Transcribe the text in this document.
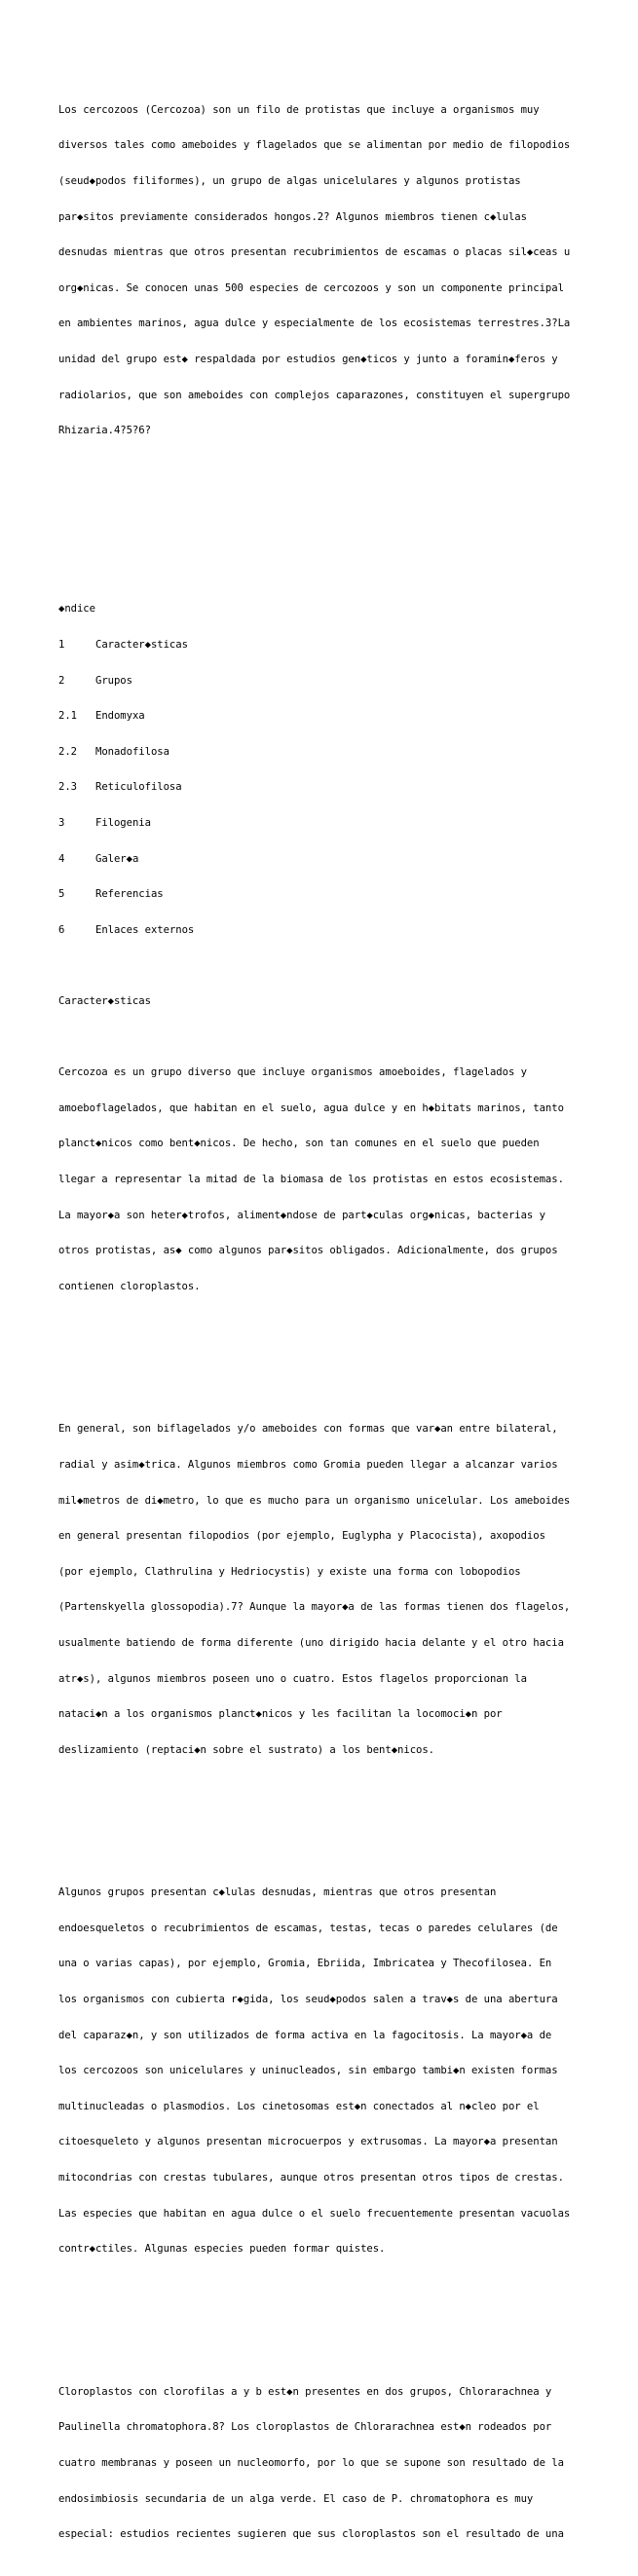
Los cercozoos (Cercozoa) son un filo de protistas que incluye a organismos muy

diversos tales como ameboides y flagelados que se alimentan por medio de filopodios

(seud◆podos filiformes), un grupo de algas unicelulares y algunos protistas

par◆sitos previamente considerados hongos.2? Algunos miembros tienen c◆lulas

desnudas mientras que otros presentan recubrimientos de escamas o placas sil◆ceas u

org◆nicas. Se conocen unas 500 especies de cercozoos y son un componente principal

en ambientes marinos, agua dulce y especialmente de los ecosistemas terrestres.3?La

unidad del grupo est◆ respaldada por estudios gen◆ticos y junto a foramin◆feros y

radiolarios, que son ameboides con complejos caparazones, constituyen el supergrupo

Rhizaria.4?5?6?

◆ndice

1	Caracter◆sticas

2	Grupos

2.1	Endomyxa

2.2	Monadofilosa

2.3	Reticulofilosa

3	Filogenia

4	Galer◆a

5	Referencias

6	Enlaces externos

Caracter◆sticas

Cercozoa es un grupo diverso que incluye organismos amoeboides, flagelados y

amoeboflagelados, que habitan en el suelo, agua dulce y en h◆bitats marinos, tanto

planct◆nicos como bent◆nicos. De hecho, son tan comunes en el suelo que pueden

llegar a representar la mitad de la biomasa de los protistas en estos ecosistemas.

La mayor◆a son heter◆trofos, aliment◆ndose de part◆culas org◆nicas, bacterias y

otros protistas, as◆ como algunos par◆sitos obligados. Adicionalmente, dos grupos

contienen cloroplastos.

En general, son biflagelados y/o ameboides con formas que var◆an entre bilateral,

radial y asim◆trica. Algunos miembros como Gromia pueden llegar a alcanzar varios

mil◆metros de di◆metro, lo que es mucho para un organismo unicelular. Los ameboides

en general presentan filopodios (por ejemplo, Euglypha y Placocista), axopodios

(por ejemplo, Clathrulina y Hedriocystis) y existe una forma con lobopodios

(Partenskyella glossopodia).7? Aunque la mayor◆a de las formas tienen dos flagelos,

usualmente batiendo de forma diferente (uno dirigido hacia delante y el otro hacia

atr◆s), algunos miembros poseen uno o cuatro. Estos flagelos proporcionan la

nataci◆n a los organismos planct◆nicos y les facilitan la locomoci◆n por

deslizamiento (reptaci◆n sobre el sustrato) a los bent◆nicos.

Algunos grupos presentan c◆lulas desnudas, mientras que otros presentan

endoesqueletos o recubrimientos de escamas, testas, tecas o paredes celulares (de

una o varias capas), por ejemplo, Gromia, Ebriida, Imbricatea y Thecofilosea. En

los organismos con cubierta r◆gida, los seud◆podos salen a trav◆s de una abertura

del caparaz◆n, y son utilizados de forma activa en la fagocitosis. La mayor◆a de

los cercozoos son unicelulares y uninucleados, sin embargo tambi◆n existen formas

multinucleadas o plasmodios. Los cinetosomas est◆n conectados al n◆cleo por el

citoesqueleto y algunos presentan microcuerpos y extrusomas. La mayor◆a presentan

mitocondrias con crestas tubulares, aunque otros presentan otros tipos de crestas.

Las especies que habitan en agua dulce o el suelo frecuentemente presentan vacuolas

contr◆ctiles. Algunas especies pueden formar quistes.

Cloroplastos con clorofilas a y b est◆n presentes en dos grupos, Chlorarachnea y

Paulinella chromatophora.8? Los cloroplastos de Chlorarachnea est◆n rodeados por

cuatro membranas y poseen un nucleomorfo, por lo que se supone son resultado de la

endosimbiosis secundaria de un alga verde. El caso de P. chromatophora es muy

especial: estudios recientes sugieren que sus cloroplastos son el resultado de una
